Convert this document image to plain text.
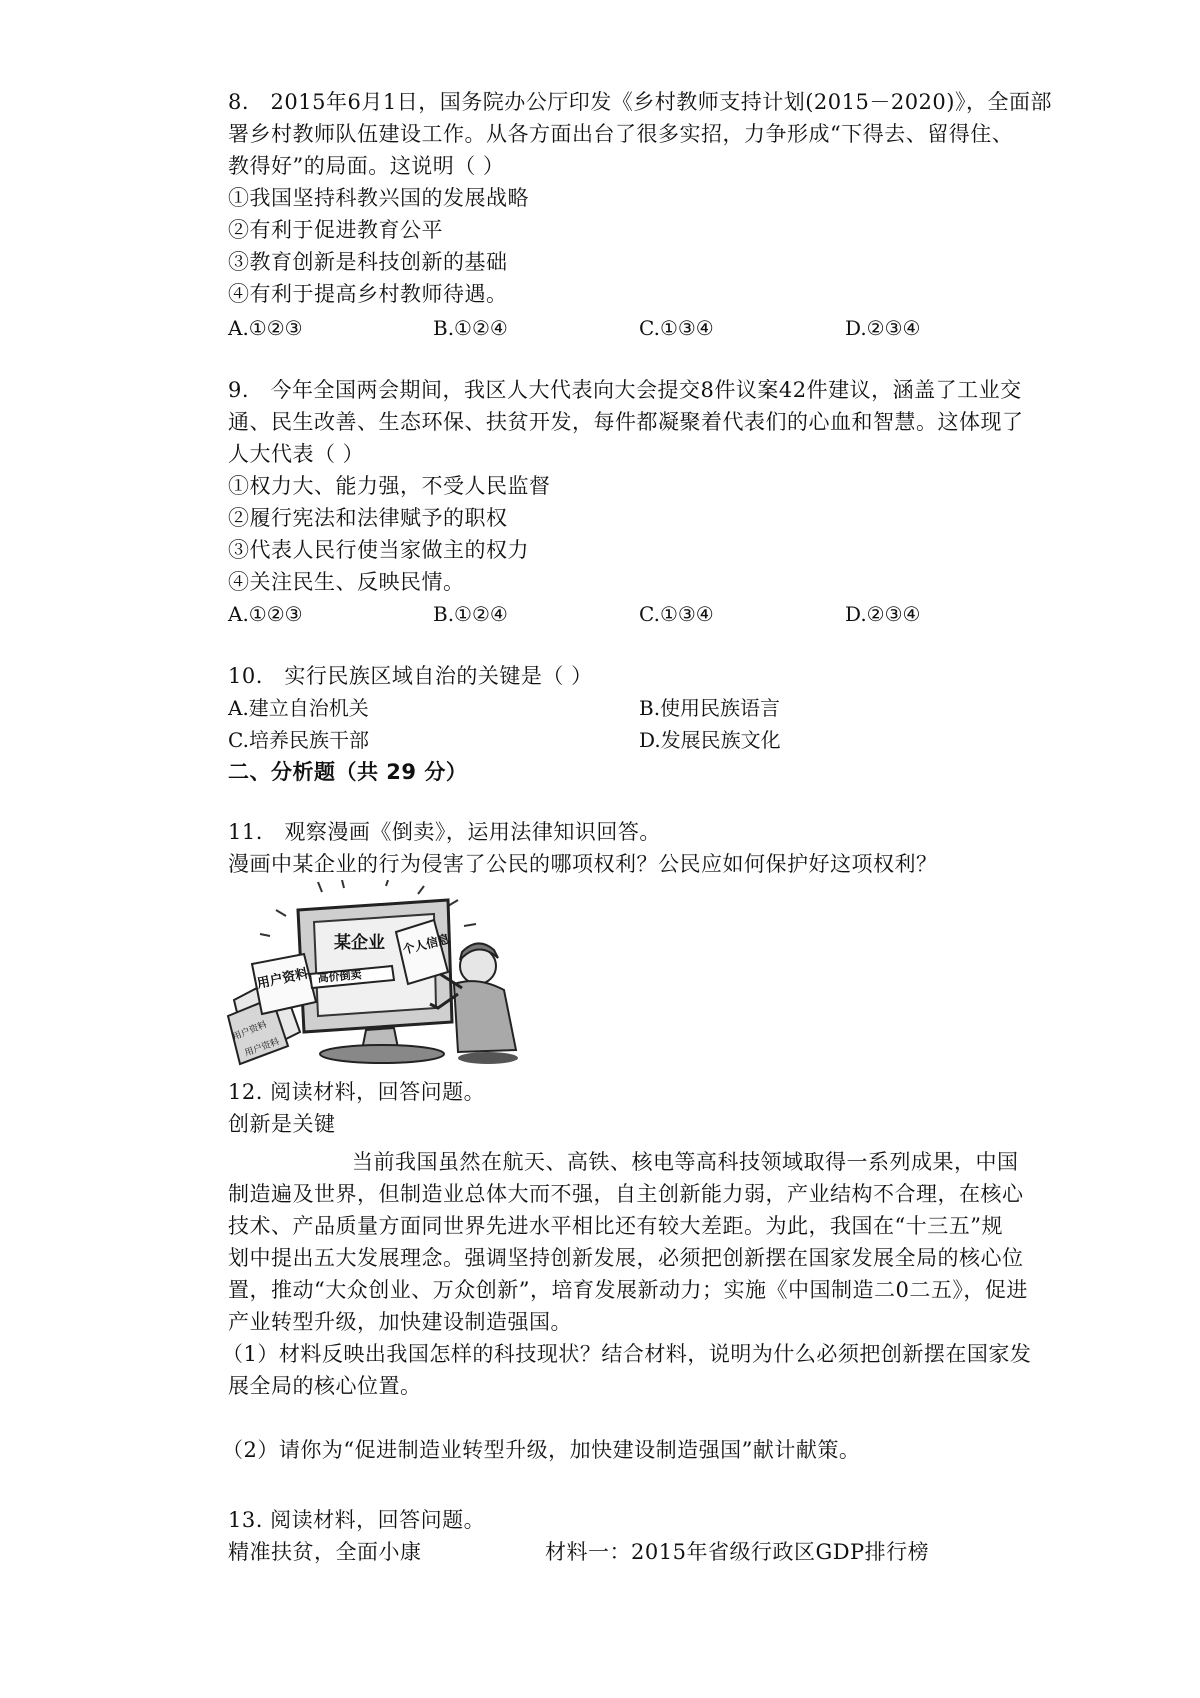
8.　2015年6月1日，国务院办公厅印发《乡村教师支持计划(2015－2020)》，全面部
署乡村教师队伍建设工作。从各方面出台了很多实招，力争形成“下得去、留得住、
教得好”的局面。这说明（ ）
①我国坚持科教兴国的发展战略
②有利于促进教育公平
③教育创新是科技创新的基础
④有利于提高乡村教师待遇。
A.①②③	B.①②④	C.①③④	D.②③④
9.　今年全国两会期间，我区人大代表向大会提交8件议案42件建议，涵盖了工业交
通、民生改善、生态环保、扶贫开发，每件都凝聚着代表们的心血和智慧。这体现了
人大代表（ ）
①权力大、能力强，不受人民监督
②履行宪法和法律赋予的职权
③代表人民行使当家做主的权力
④关注民生、反映民情。
A.①②③	B.①②④	C.①③④	D.②③④
10.　实行民族区域自治的关键是（ ）
A.建立自治机关	B.使用民族语言
C.培养民族干部	D.发展民族文化
二、分析题（共 29 分）
11.　观察漫画《倒卖》，运用法律知识回答。
漫画中某企业的行为侵害了公民的哪项权利？公民应如何保护好这项权利？
某企业
用户资料
用户资料
用户资料
高价倒卖
个人信息
12. 阅读材料，回答问题。
创新是关键
当前我国虽然在航天、高铁、核电等高科技领域取得一系列成果，中国
制造遍及世界，但制造业总体大而不强，自主创新能力弱，产业结构不合理，在核心
技术、产品质量方面同世界先进水平相比还有较大差距。为此，我国在“十三五”规
划中提出五大发展理念。强调坚持创新发展，必须把创新摆在国家发展全局的核心位
置，推动“大众创业、万众创新”，培育发展新动力；实施《中国制造二0二五》，促进
产业转型升级，加快建设制造强国。
（1）材料反映出我国怎样的科技现状？结合材料，说明为什么必须把创新摆在国家发
展全局的核心位置。
（2）请你为“促进制造业转型升级，加快建设制造强国”献计献策。
13. 阅读材料，回答问题。
精准扶贫，全面小康	材料一：2015年省级行政区GDP排行榜
